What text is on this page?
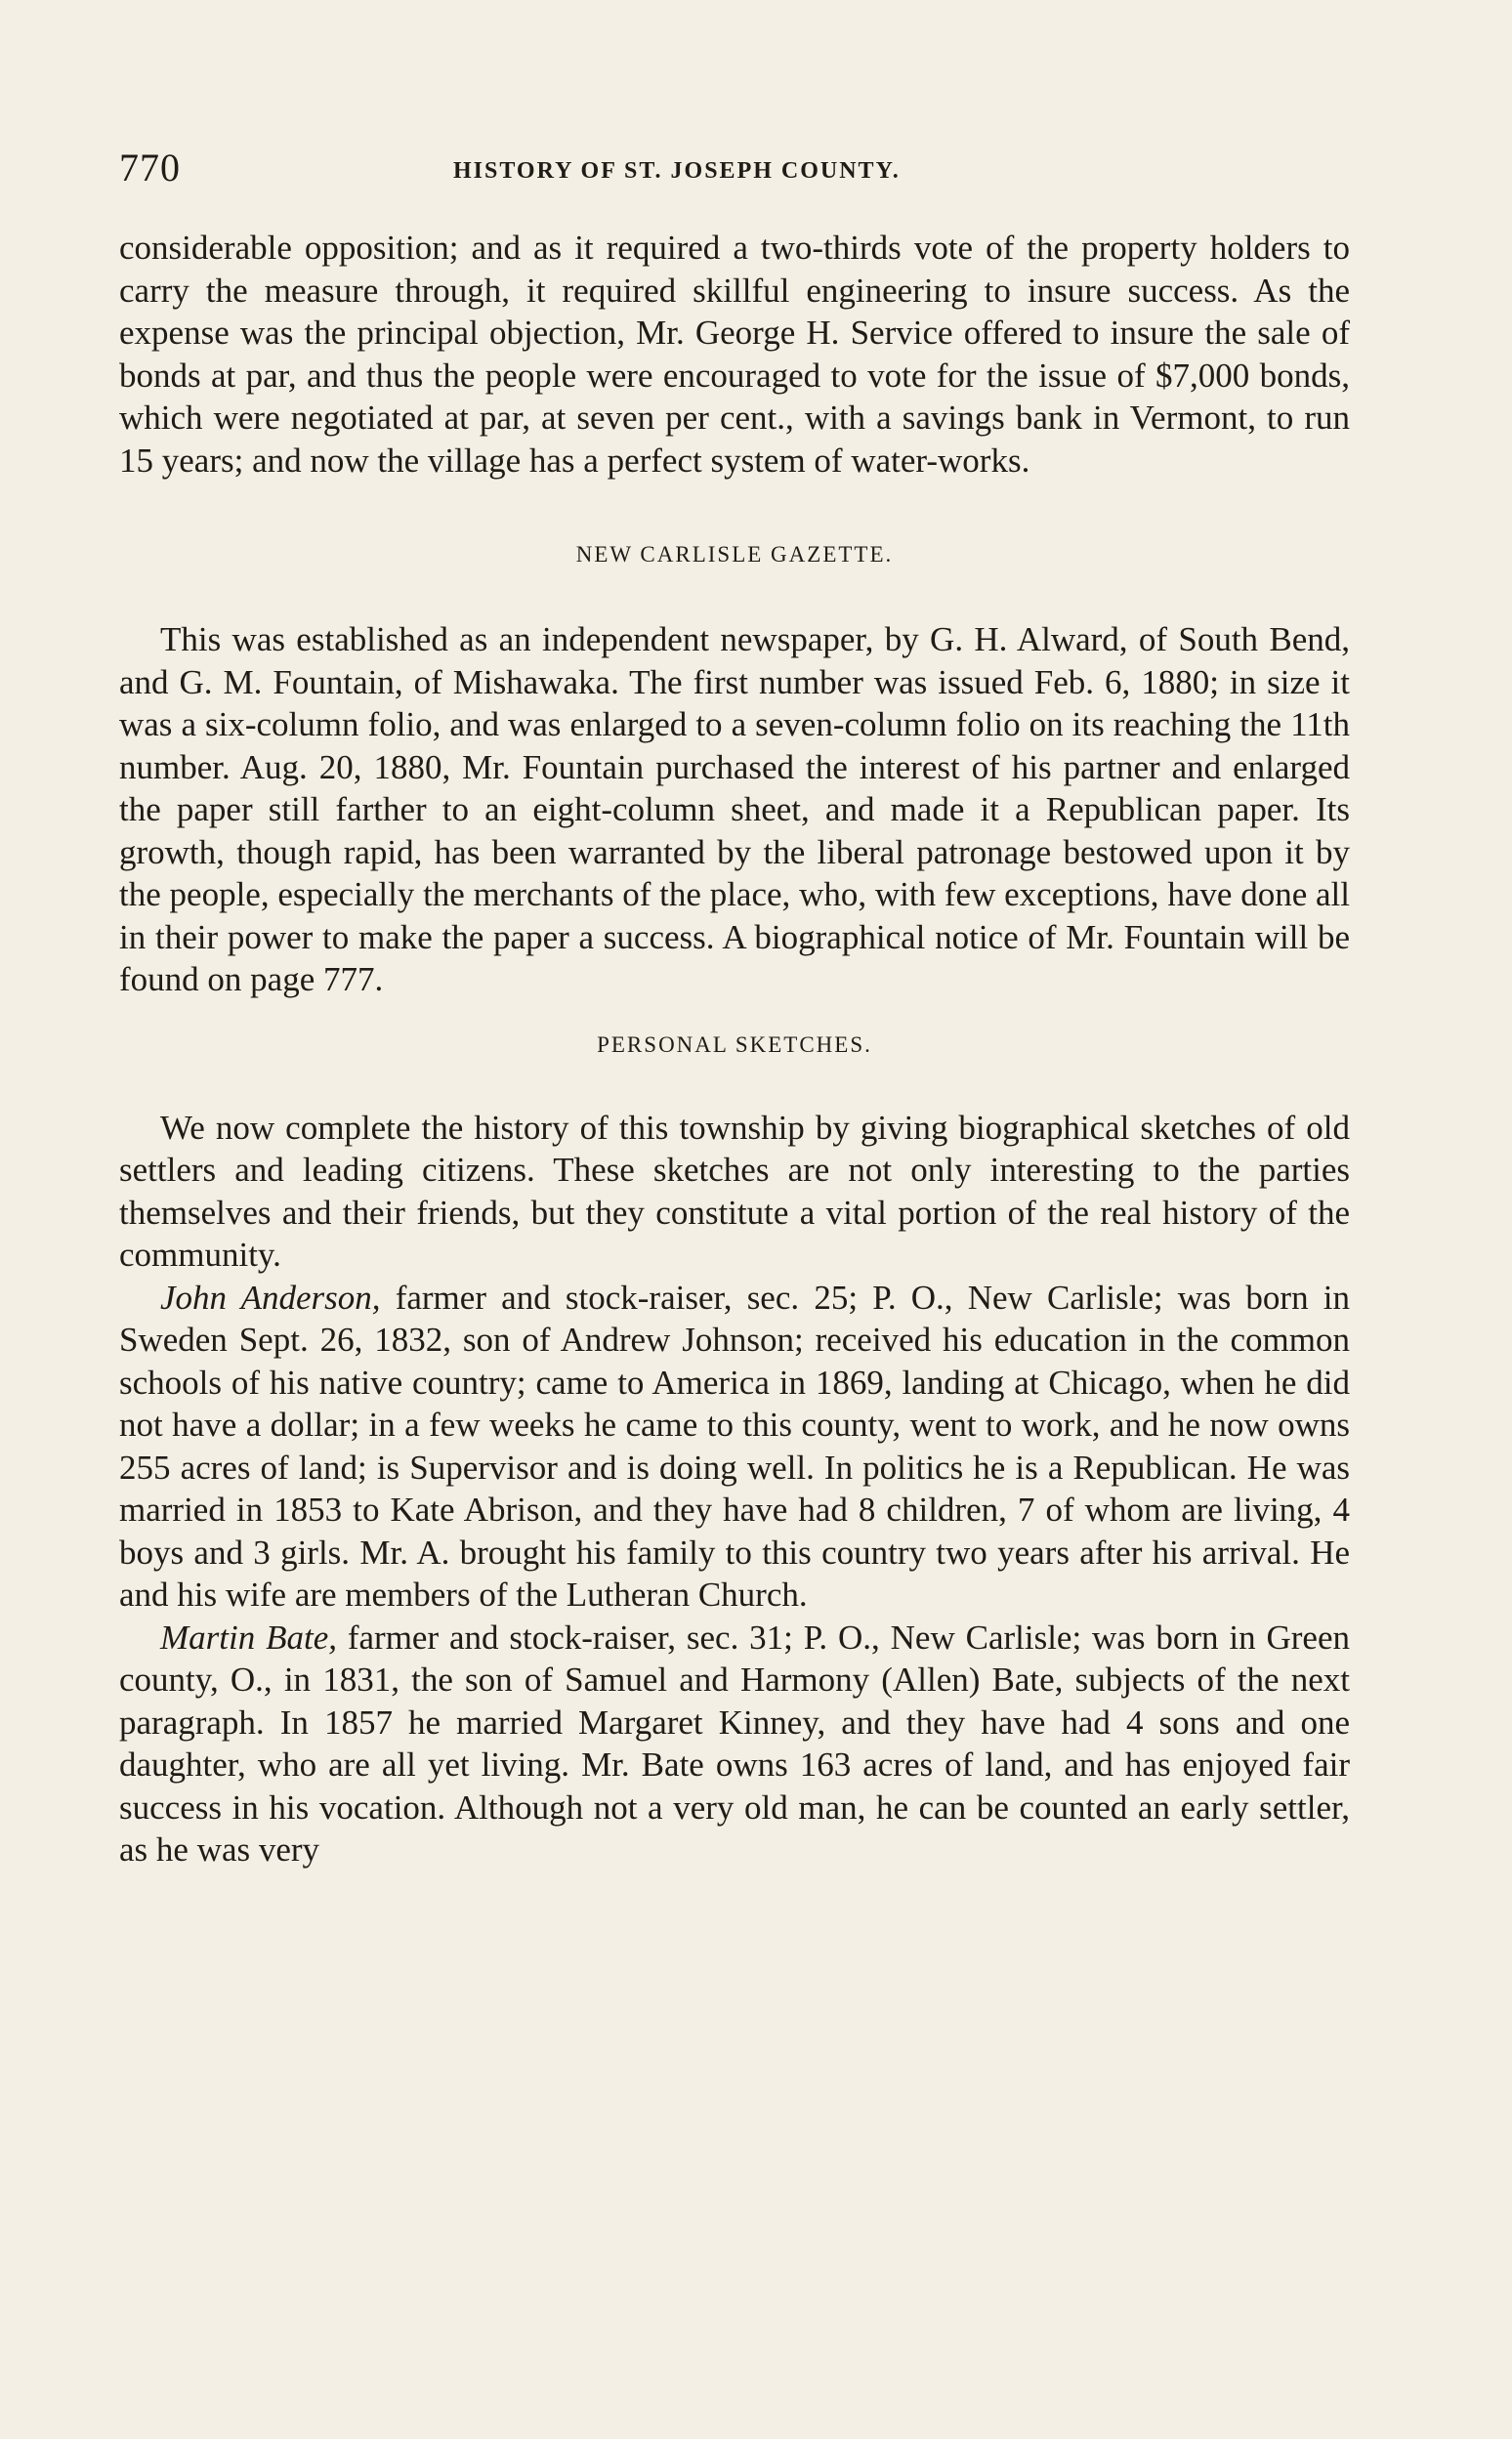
770	HISTORY OF ST. JOSEPH COUNTY.

considerable opposition; and as it required a two-thirds vote of the property holders to carry the measure through, it required skillful engineering to insure success. As the expense was the principal objection, Mr. George H. Service offered to insure the sale of bonds at par, and thus the people were encouraged to vote for the issue of $7,000 bonds, which were negotiated at par, at seven per cent., with a savings bank in Vermont, to run 15 years; and now the village has a perfect system of water-works.

NEW CARLISLE GAZETTE.

This was established as an independent newspaper, by G. H. Alward, of South Bend, and G. M. Fountain, of Mishawaka. The first number was issued Feb. 6, 1880; in size it was a six-column folio, and was enlarged to a seven-column folio on its reaching the 11th number. Aug. 20, 1880, Mr. Fountain purchased the interest of his partner and enlarged the paper still farther to an eight-column sheet, and made it a Republican paper. Its growth, though rapid, has been warranted by the liberal patronage bestowed upon it by the people, especially the merchants of the place, who, with few exceptions, have done all in their power to make the paper a success. A biographical notice of Mr. Fountain will be found on page 777.

PERSONAL SKETCHES.

We now complete the history of this township by giving biographical sketches of old settlers and leading citizens. These sketches are not only interesting to the parties themselves and their friends, but they constitute a vital portion of the real history of the community.

John Anderson, farmer and stock-raiser, sec. 25; P. O., New Carlisle; was born in Sweden Sept. 26, 1832, son of Andrew Johnson; received his education in the common schools of his native country; came to America in 1869, landing at Chicago, when he did not have a dollar; in a few weeks he came to this county, went to work, and he now owns 255 acres of land; is Supervisor and is doing well. In politics he is a Republican. He was married in 1853 to Kate Abrison, and they have had 8 children, 7 of whom are living, 4 boys and 3 girls. Mr. A. brought his family to this country two years after his arrival. He and his wife are members of the Lutheran Church.

Martin Bate, farmer and stock-raiser, sec. 31; P. O., New Carlisle; was born in Green county, O., in 1831, the son of Samuel and Harmony (Allen) Bate, subjects of the next paragraph. In 1857 he married Margaret Kinney, and they have had 4 sons and one daughter, who are all yet living. Mr. Bate owns 163 acres of land, and has enjoyed fair success in his vocation. Although not a very old man, he can be counted an early settler, as he was very
